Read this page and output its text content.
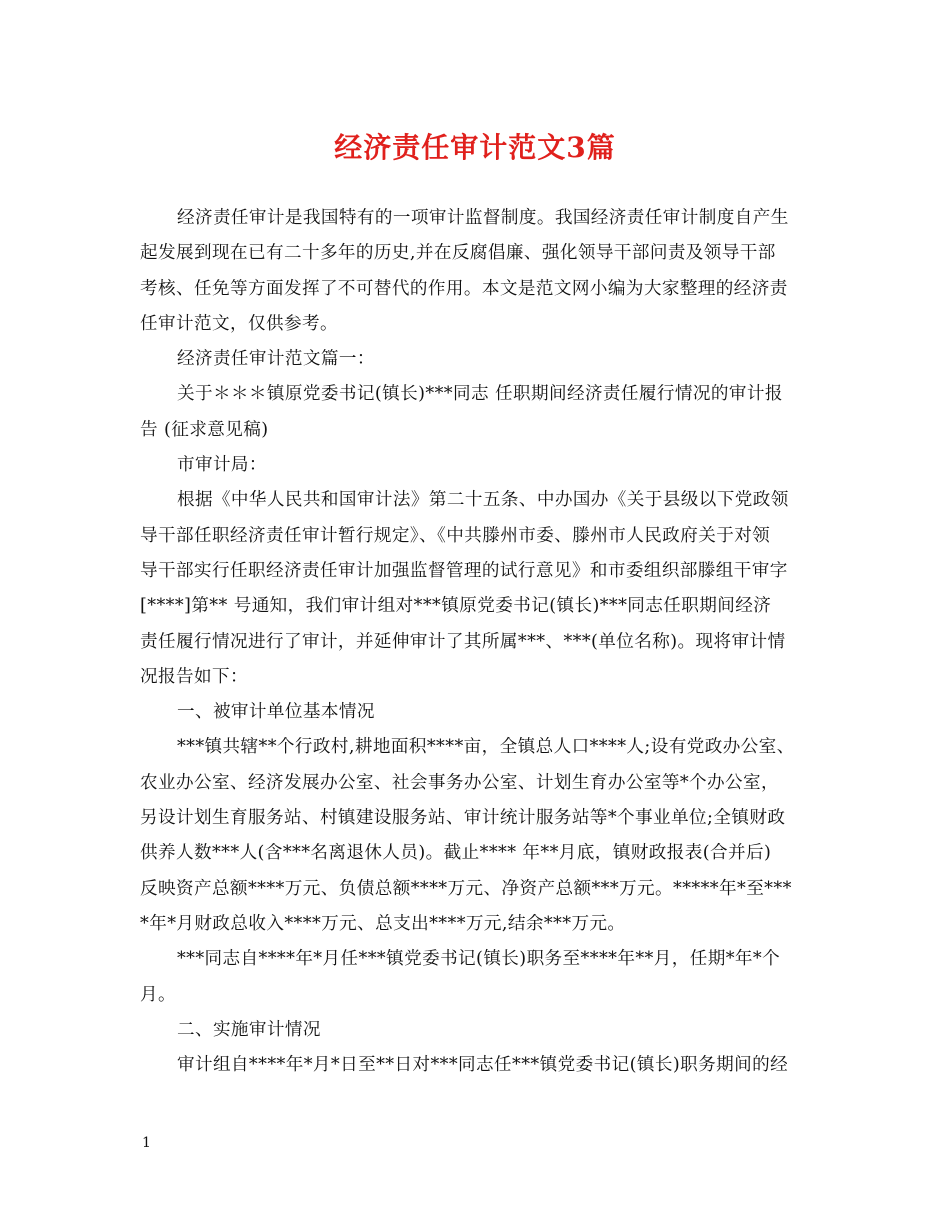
经济责任审计范文3篇

经济责任审计是我国特有的一项审计监督制度。我国经济责任审计制度自产生

起发展到现在已有二十多年的历史,并在反腐倡廉、强化领导干部问责及领导干部

考核、任免等方面发挥了不可替代的作用。本文是范文网小编为大家整理的经济责

任审计范文，仅供参考。

经济责任审计范文篇一：

关于＊＊＊镇原党委书记(镇长)***同志 任职期间经济责任履行情况的审计报

告 (征求意见稿)

市审计局：

根据《中华人民共和国审计法》第二十五条、中办国办《关于县级以下党政领

导干部任职经济责任审计暂行规定》、《中共滕州市委、滕州市人民政府关于对领

导干部实行任职经济责任审计加强监督管理的试行意见》和市委组织部滕组干审字

[****]第** 号通知，我们审计组对***镇原党委书记(镇长)***同志任职期间经济

责任履行情况进行了审计，并延伸审计了其所属***、***(单位名称)。现将审计情

况报告如下：

一、被审计单位基本情况

***镇共辖**个行政村,耕地面积****亩，全镇总人口****人;设有党政办公室、

农业办公室、经济发展办公室、社会事务办公室、计划生育办公室等*个办公室，

另设计划生育服务站、村镇建设服务站、审计统计服务站等*个事业单位;全镇财政

供养人数***人(含***名离退休人员)。截止**** 年**月底，镇财政报表(合并后)

反映资产总额****万元、负债总额****万元、净资产总额***万元。*****年*至***

*年*月财政总收入****万元、总支出****万元,结余***万元。

***同志自****年*月任***镇党委书记(镇长)职务至****年**月，任期*年*个

月。

二、实施审计情况

审计组自****年*月*日至**日对***同志任***镇党委书记(镇长)职务期间的经

1
